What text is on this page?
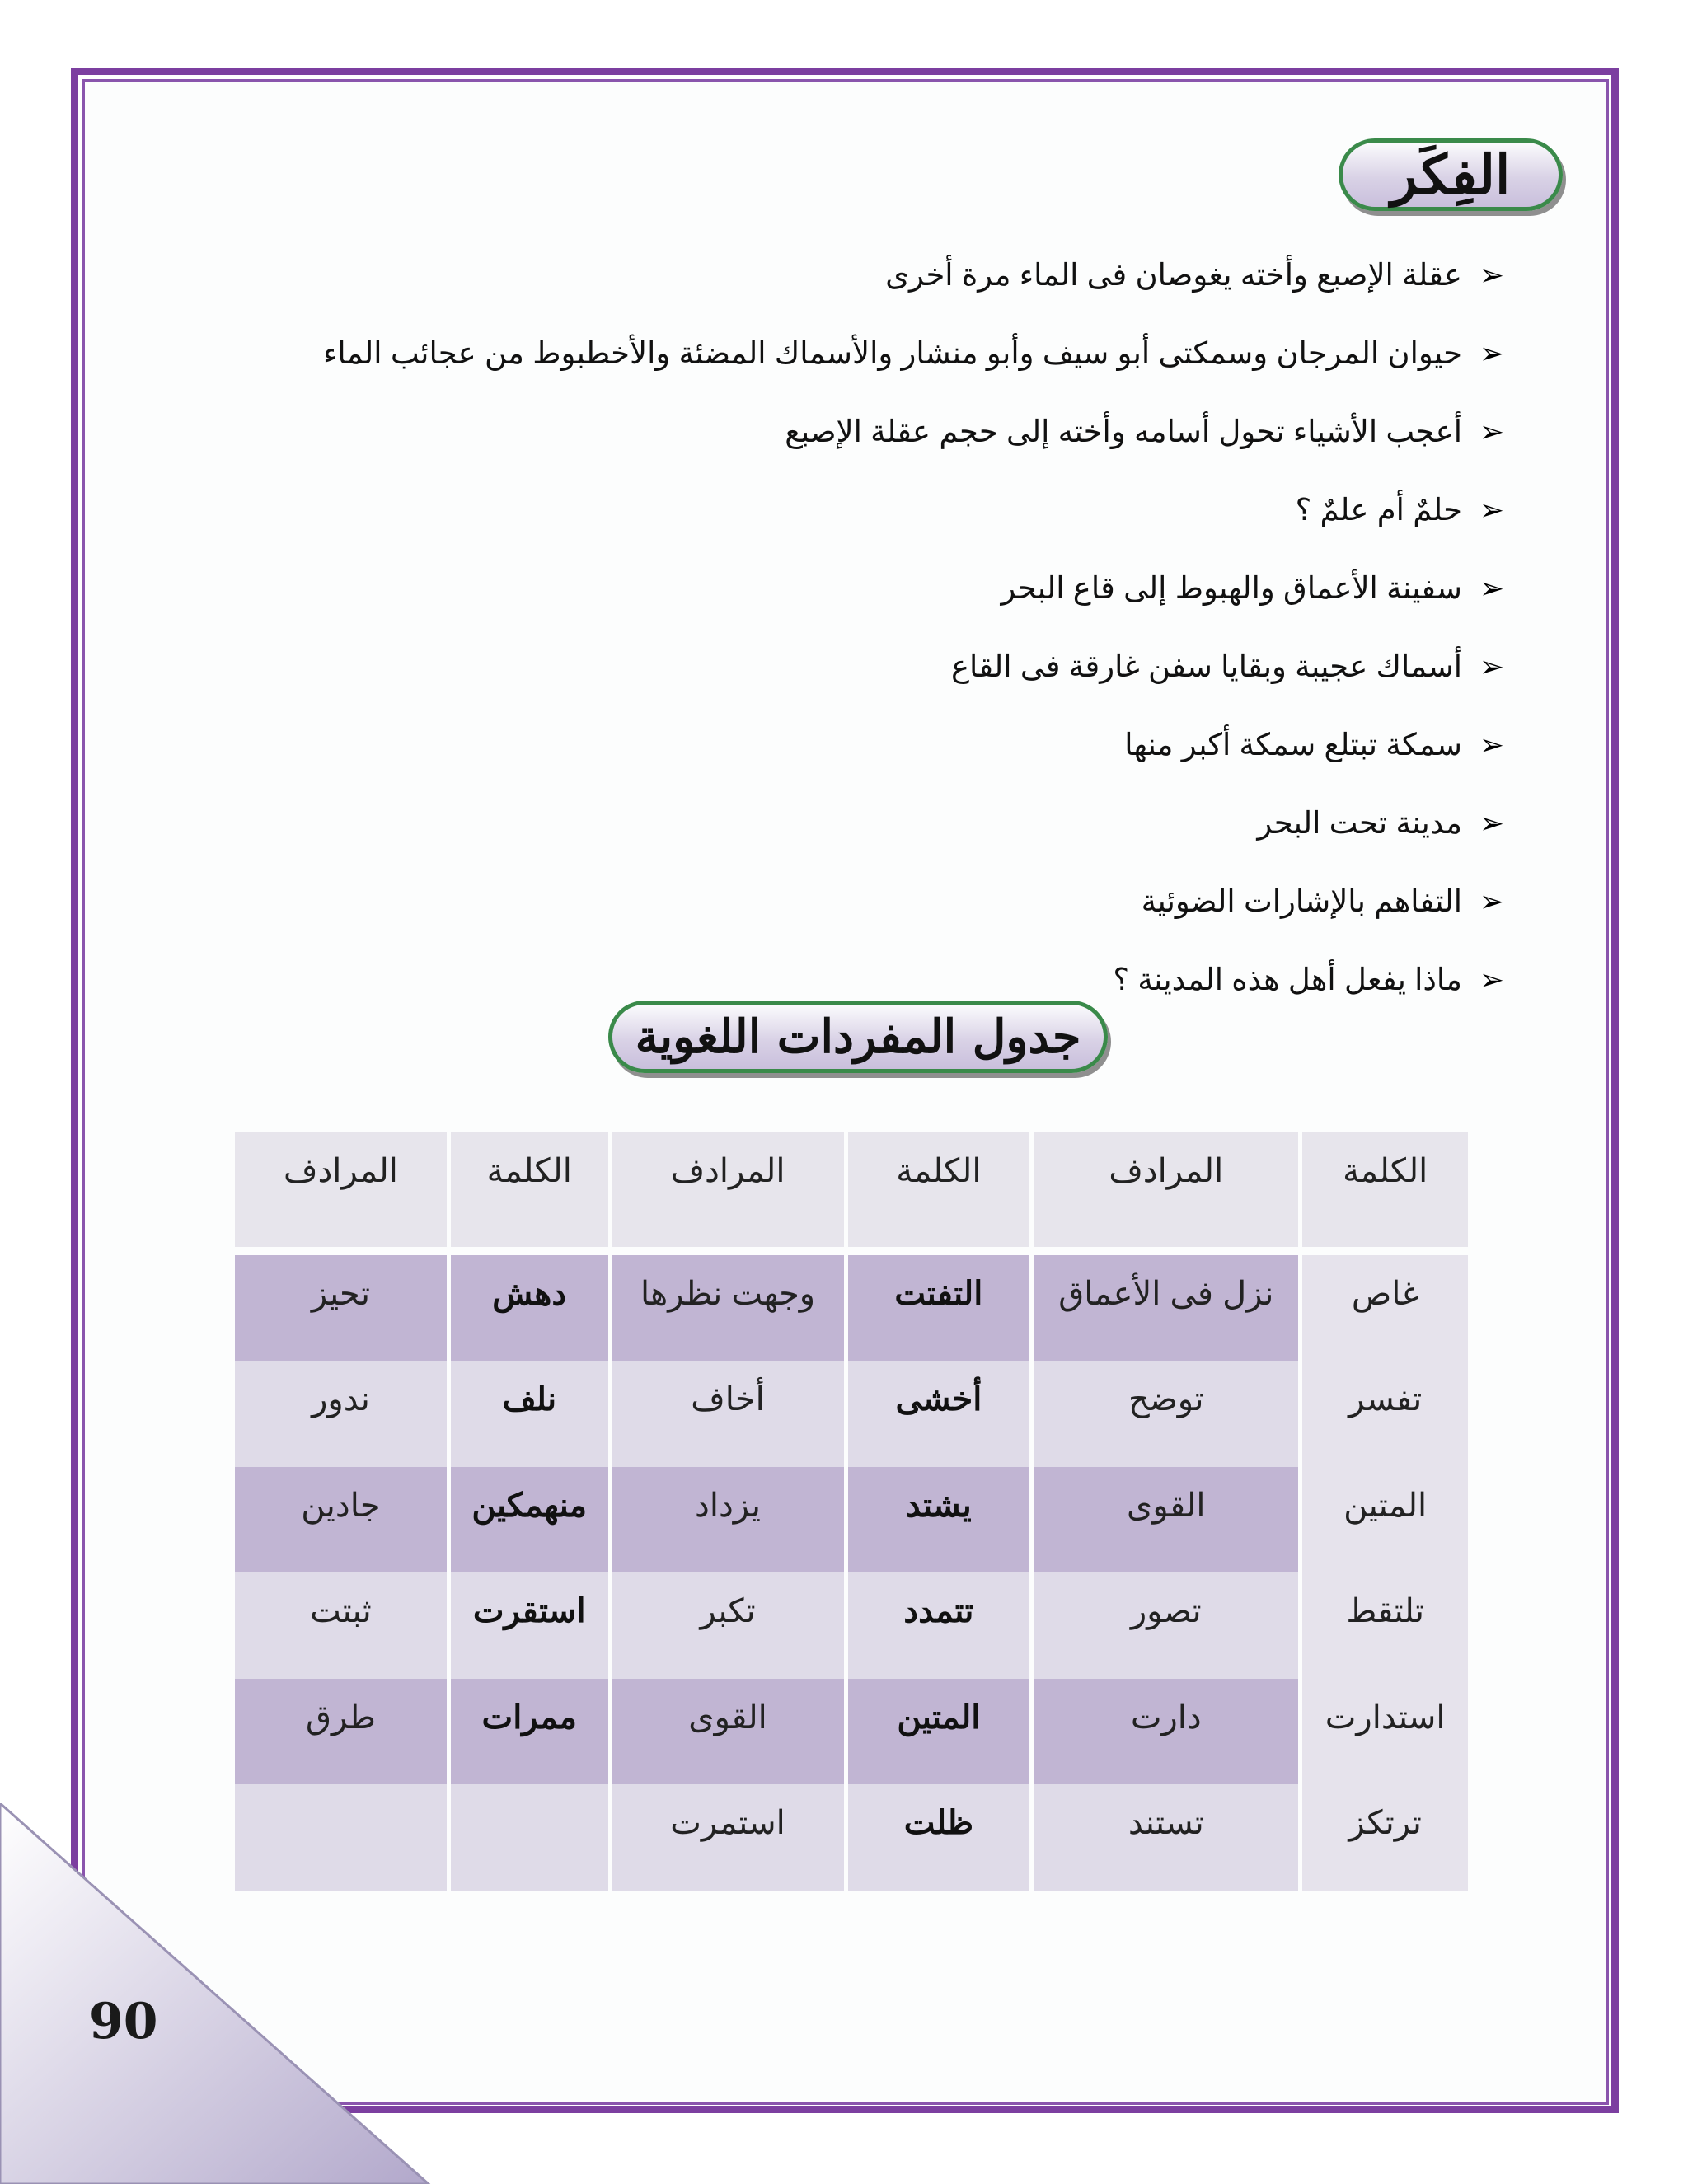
الفِكَر
➢
عقلة الإصبع وأخته يغوصان فى الماء مرة أخرى
➢
حيوان المرجان وسمكتى أبو سيف وأبو منشار والأسماك المضئة والأخطبوط من عجائب الماء
➢
أعجب الأشياء تحول أسامه وأخته إلى حجم عقلة الإصبع
➢
حلمٌ أم علمٌ ؟
➢
سفينة الأعماق والهبوط إلى قاع البحر
➢
أسماك عجيبة وبقايا سفن غارقة فى القاع
➢
سمكة تبتلع سمكة أكبر منها
➢
مدينة تحت البحر
➢
التفاهم بالإشارات الضوئية
➢
ماذا يفعل أهل هذه المدينة ؟
جدول المفردات اللغوية
الكلمة	المرادف	الكلمة	المرادف	الكلمة	المرادف

غاص	نزل فى الأعماق	التفتت	وجهت نظرها	دهش	تحيز
تفسر	توضح	أخشى	أخاف	نلف	ندور
المتين	القوى	يشتد	يزداد	منهمكين	جادين
تلتقط	تصور	تتمدد	تكبر	استقرت	ثبتت
استدارت	دارت	المتين	القوى	ممرات	طرق
ترتكز	تستند	ظلت	استمرت		
90
